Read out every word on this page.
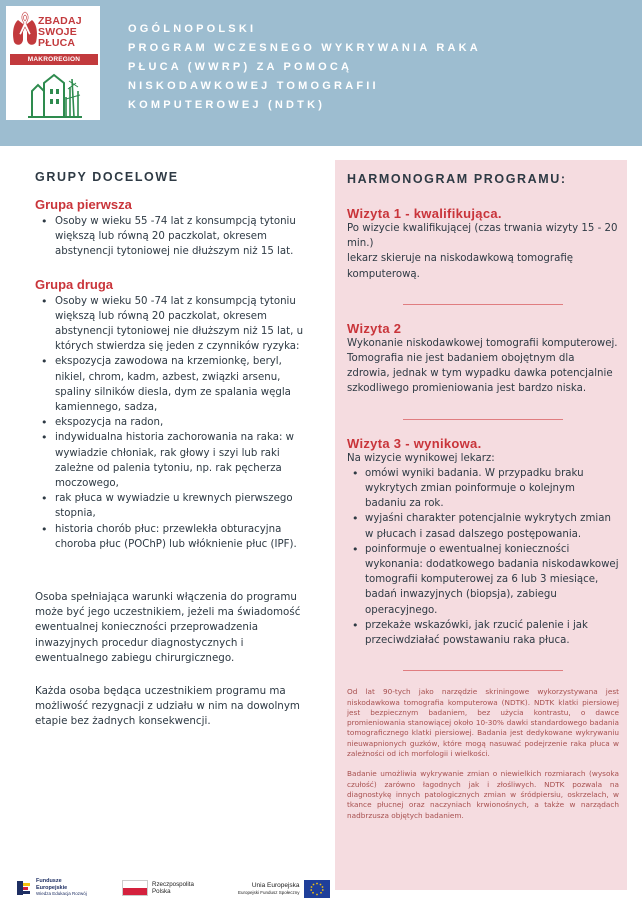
ZBADAJ
SWOJE
PŁUCA
MAKROREGION
OGÓLNOPOLSKI
PROGRAM WCZESNEGO WYKRYWANIA RAKA
PŁUCA (WWRP) ZA POMOCĄ
NISKODAWKOWEJ TOMOGRAFII
KOMPUTEROWEJ (NDTK)
GRUPY DOCELOWE
Grupa pierwsza
• Osoby w wieku 55 -74 lat z konsumpcją tytoniu większą lub równą 20 paczkolat, okresem abstynencji tytoniowej nie dłuższym niż 15 lat.
Grupa druga
• Osoby w wieku 50 -74 lat z konsumpcją tytoniu większą lub równą 20 paczkolat, okresem abstynencji tytoniowej nie dłuższym niż 15 lat, u których stwierdza się jeden z czynników ryzyka:
• ekspozycja zawodowa na krzemionkę, beryl, nikiel, chrom, kadm, azbest, związki arsenu, spaliny silników diesla, dym ze spalania węgla kamiennego, sadza,
• ekspozycja na radon,
• indywidualna historia zachorowania na raka: w wywiadzie chłoniak, rak głowy i szyi lub raki zależne od palenia tytoniu, np. rak pęcherza moczowego,
• rak płuca w wywiadzie u krewnych pierwszego stopnia,
• historia chorób płuc: przewlekła obturacyjna choroba płuc (POChP) lub włóknienie płuc (IPF).

Osoba spełniająca warunki włączenia do programu może być jego uczestnikiem, jeżeli ma świadomość ewentualnej konieczności przeprowadzenia inwazyjnych procedur diagnostycznych i ewentualnego zabiegu chirurgicznego.

Każda osoba będąca uczestnikiem programu ma możliwość rezygnacji z udziału w nim na dowolnym etapie bez żadnych konsekwencji.

HARMONOGRAM PROGRAMU:
Wizyta 1 - kwalifikująca.

Po wizycie kwalifikującej (czas trwania wizyty 15 - 20 min.)

lekarz skieruje na niskodawkową tomografię komputerową.

Wizyta 2

Wykonanie niskodawkowej tomografii komputerowej. Tomografia nie jest badaniem obojętnym dla zdrowia, jednak w tym wypadku dawka potencjalnie szkodliwego promieniowania jest bardzo niska.

Wizyta 3 - wynikowa.

Na wizycie wynikowej lekarz:

• omówi wyniki badania. W przypadku braku wykrytych zmian poinformuje o kolejnym badaniu za rok.
• wyjaśni charakter potencjalnie wykrytych zmian w płucach i zasad dalszego postępowania.
• poinformuje o ewentualnej konieczności wykonania: dodatkowego badania niskodawkowej tomografii komputerowej za 6 lub 3 miesiące, badań inwazyjnych (biopsja), zabiegu operacyjnego.
• przekaże wskazówki, jak rzucić palenie i jak przeciwdziałać powstawaniu raka płuca.

Od lat 90-tych jako narzędzie skriningowe wykorzystywana jest niskodawkowa tomografia komputerowa (NDTK). NDTK klatki piersiowej jest bezpiecznym badaniem, bez użycia kontrastu, o dawce promieniowania stanowiącej około 10-30% dawki standardowego badania tomograficznego klatki piersiowej. Badania jest dedykowane wykrywaniu nieuwapnionych guzków, które mogą nasuwać podejrzenie raka płuca w zależności od ich morfologii i wielkości.

Badanie umożliwia wykrywanie zmian o niewielkich rozmiarach (wysoka czułość) zarówno łagodnych jak i złośliwych. NDTK pozwala na diagnostykę innych patologicznych zmian w śródpiersiu, oskrzelach, w tkance płucnej oraz naczyniach krwionośnych, a także w narządach nadbrzusza objętych badaniem.

Fundusze
Europejskie
Wiedza Edukacja Rozwój
Rzeczpospolita
Polska
Unia Europejska
Europejski Fundusz Społeczny
